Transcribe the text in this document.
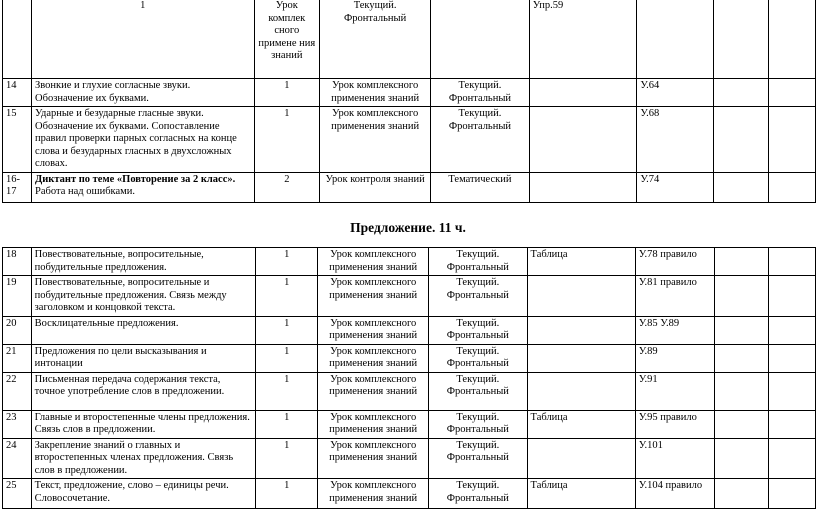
	1	Урок комплек сного примене ния знаний	Текущий. Фронтальный		Упр.59			
14	Звонкие и глухие согласные звуки. Обозначение их буквами.	1	Урок комплексного применения знаний	Текущий. Фронтальный		У.64		
15	Ударные и безударные гласные звуки. Обозначение их буквами. Сопоставление правил проверки парных согласных на конце слова и безударных гласных в двухсложных словах.	1	Урок комплексного применения знаний	Текущий. Фронтальный		У.68		
16-17	Диктант по теме «Повторение за 2 класс». Работа над ошибками.	2	Урок контроля знаний	Тематический		У.74		
Предложение. 11 ч.
18	Повествовательные, вопросительные, побудительные предложения.	1	Урок комплексного применения знаний	Текущий. Фронтальный	Таблица	У.78 правило		
19	Повествовательные, вопросительные и побудительные предложения. Связь между заголовком и концовкой текста.	1	Урок комплексного применения знаний	Текущий. Фронтальный		У.81 правило		
20	Восклицательные предложения.	1	Урок комплексного применения знаний	Текущий. Фронтальный		У.85 У.89		
21	Предложения по цели высказывания и интонации	1	Урок комплексного применения знаний	Текущий. Фронтальный		У.89		
22	Письменная передача содержания текста, точное употребление слов в предложении.	1	Урок комплексного применения знаний	Текущий. Фронтальный		У.91		
23	Главные и второстепенные члены предложения. Связь слов в предложении.	1	Урок комплексного применения знаний	Текущий. Фронтальный	Таблица	У.95 правило		
24	Закрепление знаний о главных и второстепенных членах предложения. Связь слов в предложении.	1	Урок комплексного применения знаний	Текущий. Фронтальный		У.101		
25	Текст, предложение, слово – единицы речи. Словосочетание.	1	Урок комплексного применения знаний	Текущий. Фронтальный	Таблица	У.104 правило		
